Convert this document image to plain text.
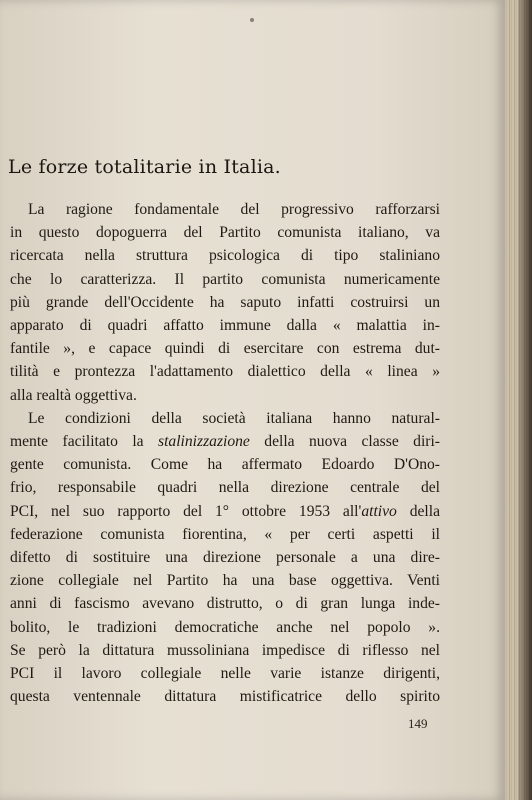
Le forze totalitarie in Italia.

La ragione fondamentale del progressivo rafforzarsi
in questo dopoguerra del Partito comunista italiano, va
ricercata nella struttura psicologica di tipo staliniano
che lo caratterizza. Il partito comunista numericamente
più grande dell'Occidente ha saputo infatti costruirsi un
apparato di quadri affatto immune dalla « malattia in-
fantile », e capace quindi di esercitare con estrema dut-
tilità e prontezza l'adattamento dialettico della « linea »
alla realtà oggettiva.

Le condizioni della società italiana hanno natural-
mente facilitato la stalinizzazione della nuova classe diri-
gente comunista. Come ha affermato Edoardo D'Ono-
frio, responsabile quadri nella direzione centrale del
PCI, nel suo rapporto del 1° ottobre 1953 all'attivo della
federazione comunista fiorentina, « per certi aspetti il
difetto di sostituire una direzione personale a una dire-
zione collegiale nel Partito ha una base oggettiva. Venti
anni di fascismo avevano distrutto, o di gran lunga inde-
bolito, le tradizioni democratiche anche nel popolo ».
Se però la dittatura mussoliniana impedisce di riflesso nel
PCI il lavoro collegiale nelle varie istanze dirigenti,
questa ventennale dittatura mistificatrice dello spirito

149
